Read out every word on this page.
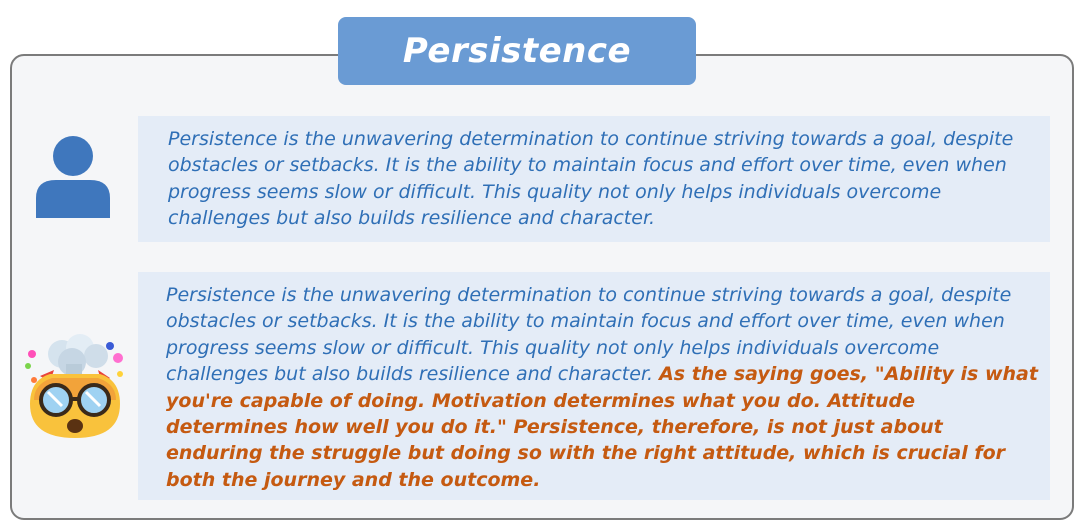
Persistence
Persistence is the unwavering determination to continue striving towards a goal, despite obstacles or setbacks. It is the ability to maintain focus and effort over time, even when progress seems slow or difficult. This quality not only helps individuals overcome challenges but also builds resilience and character.
Persistence is the unwavering determination to continue striving towards a goal, despite obstacles or setbacks. It is the ability to maintain focus and effort over time, even when progress seems slow or difficult. This quality not only helps individuals overcome challenges but also builds resilience and character. As the saying goes, "Ability is what you're capable of doing. Motivation determines what you do. Attitude determines how well you do it." Persistence, therefore, is not just about enduring the struggle but doing so with the right attitude, which is crucial for both the journey and the outcome.
